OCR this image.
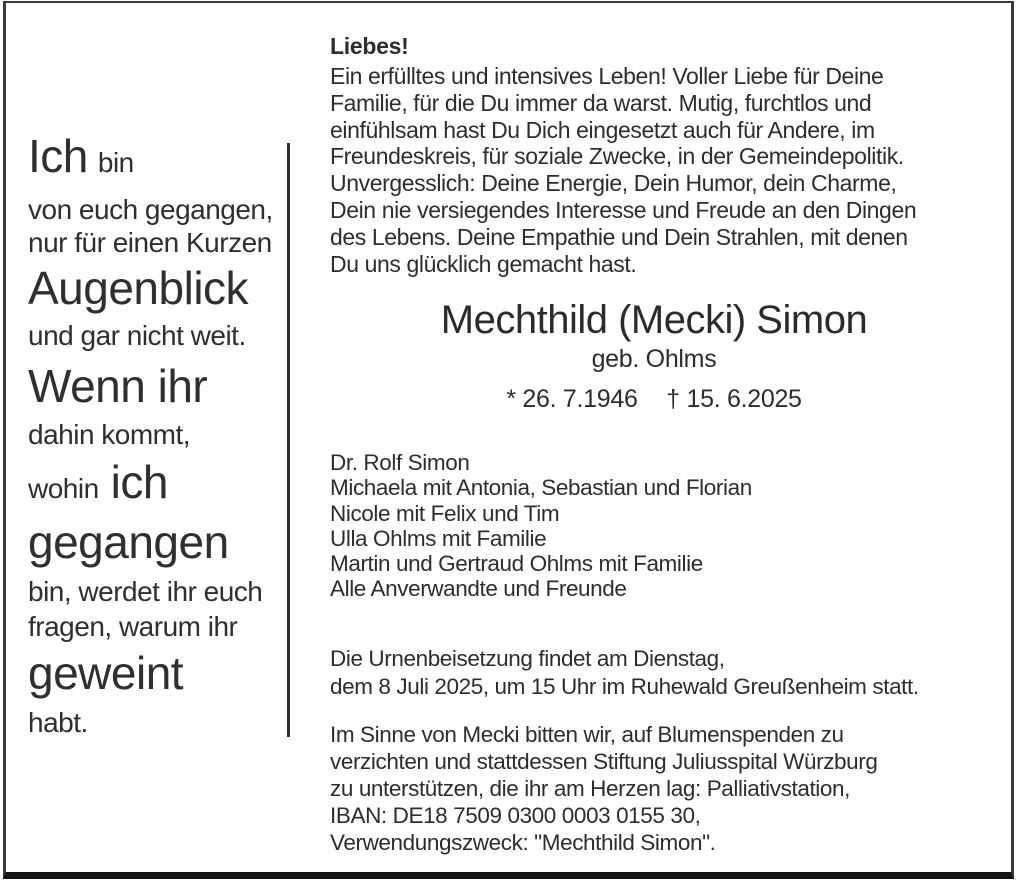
Ich bin
von euch gegangen,
nur für einen Kurzen
Augenblick
und gar nicht weit.
Wenn ihr
dahin kommt,
wohin ich
gegangen
bin, werdet ihr euch
fragen, warum ihr
geweint
habt.
Liebes!
Ein erfülltes und intensives Leben! Voller Liebe für Deine
Familie, für die Du immer da warst. Mutig, furchtlos und
einfühlsam hast Du Dich eingesetzt auch für Andere, im
Freundeskreis, für soziale Zwecke, in der Gemeindepolitik.
Unvergesslich: Deine Energie, Dein Humor, dein Charme,
Dein nie versiegendes Interesse und Freude an den Dingen
des Lebens. Deine Empathie und Dein Strahlen, mit denen
Du uns glücklich gemacht hast.
Mechthild (Mecki) Simon
geb. Ohlms
* 26. 7.1946 † 15. 6.2025
Dr. Rolf Simon
Michaela mit Antonia, Sebastian und Florian
Nicole mit Felix und Tim
Ulla Ohlms mit Familie
Martin und Gertraud Ohlms mit Familie
Alle Anverwandte und Freunde
Die Urnenbeisetzung findet am Dienstag,
dem 8 Juli 2025, um 15 Uhr im Ruhewald Greußenheim statt.
Im Sinne von Mecki bitten wir, auf Blumenspenden zu
verzichten und stattdessen Stiftung Juliusspital Würzburg
zu unterstützen, die ihr am Herzen lag: Palliativstation,
IBAN: DE18 7509 0300 0003 0155 30,
Verwendungszweck: "Mechthild Simon".
